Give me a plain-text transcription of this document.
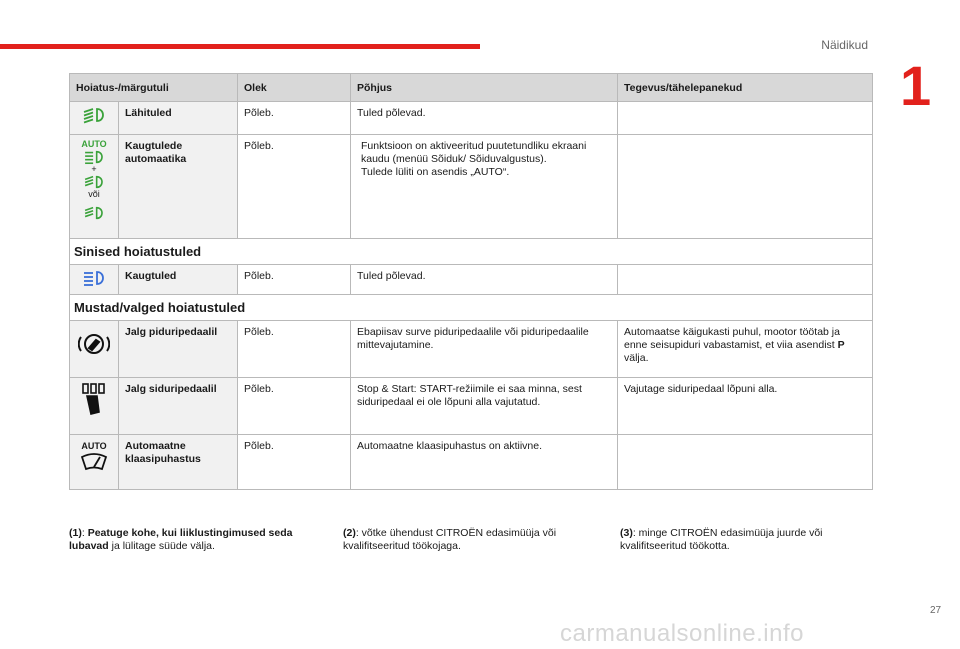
Näidikud
1
Hoiatus-/märgutuli		Olek	Põhjus	Tegevus/tähelepanekud

	Lähituled	Põleb.	Tuled põlevad.	

AUTO
+
või	Kaugtulede automaatika	Põleb.	Funktsioon on aktiveeritud puutetundliku ekraani kaudu (menüü Sõiduk/ Sõiduvalgustus).
Tulede lüliti on asendis „AUTO“.	
Sinised hoiatustuled				

	Kaugtuled	Põleb.	Tuled põlevad.	
Mustad/valged hoiatustuled				

	Jalg piduripedaalil	Põleb.	Ebapiisav surve piduripedaalile või piduripedaalile mittevajutamine.	Automaatse käigukasti puhul, mootor töötab ja enne seisupiduri vabastamist, et viia asendist P välja.

	Jalg siduripedaalil	Põleb.	Stop & Start: START-režiimile ei saa minna, sest siduripedaal ei ole lõpuni alla vajutatud.	Vajutage siduripedaal lõpuni alla.

AUTO	Automaatne klaasipuhastus	Põleb.	Automaatne klaasipuhastus on aktiivne.	
(1): Peatuge kohe, kui liiklustingimused seda lubavad ja lülitage süüde välja.
(2): võtke ühendust CITROËN edasimüüja või kvalifitseeritud töökojaga.
(3): minge CITROËN edasimüüja juurde või kvalifitseeritud töökotta.
27
carmanualsonline.info
